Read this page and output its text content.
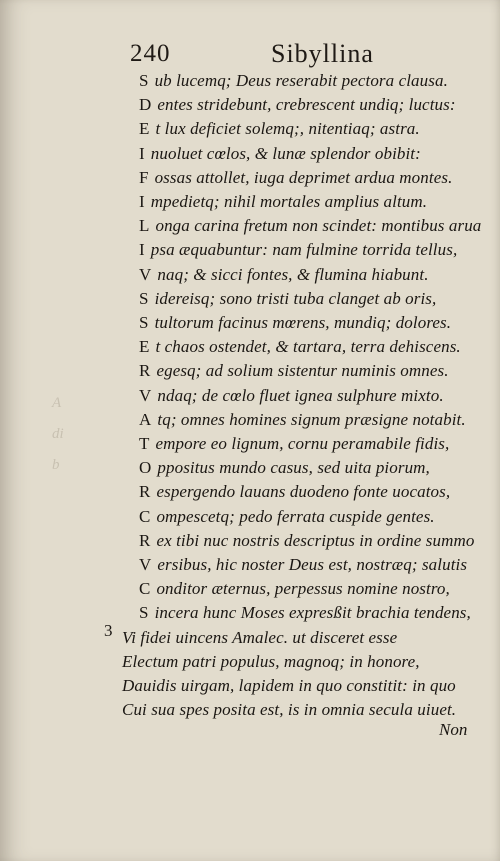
A
di
b
240	Sibyllina
S ub lucemq; Deus reserabit pectora clausa.
D entes stridebunt, crebrescent undiq; luctus:
E t lux deficiet solemq;, nitentiaq; astra.
I nuoluet cœlos, & lunæ splendor obibit:
F ossas attollet, iuga deprimet ardua montes.
I mpedietq; nihil mortales amplius altum.
L onga carina fretum non scindet: montibus arua
I psa æquabuntur: nam fulmine torrida tellus,
V naq; & sicci fontes, & flumina hiabunt.
S idereisq; sono tristi tuba clanget ab oris,
S tultorum facinus mœrens, mundiq; dolores.
E t chaos ostendet, & tartara, terra dehiscens.
R egesq; ad solium sistentur numinis omnes.
V ndaq; de cœlo fluet ignea sulphure mixto.
A tq; omnes homines signum præsigne notabit.
T empore eo lignum, cornu peramabile fidis,
O ppositus mundo casus, sed uita piorum,
R espergendo lauans duodeno fonte uocatos,
C ompescetq; pedo ferrata cuspide gentes.
R ex tibi nuc nostris descriptus in ordine summo
V ersibus, hic noster Deus est, nostræq; salutis
C onditor æternus, perpessus nomine nostro,
S incera hunc Moses expresßit brachia tendens,
Vi fidei uincens Amalec. ut disceret esse
Electum patri populus, magnoq; in honore,
Dauidis uirgam, lapidem in quo constitit: in quo
Cui sua spes posita est, is in omnia secula uiuet.
3
Non
